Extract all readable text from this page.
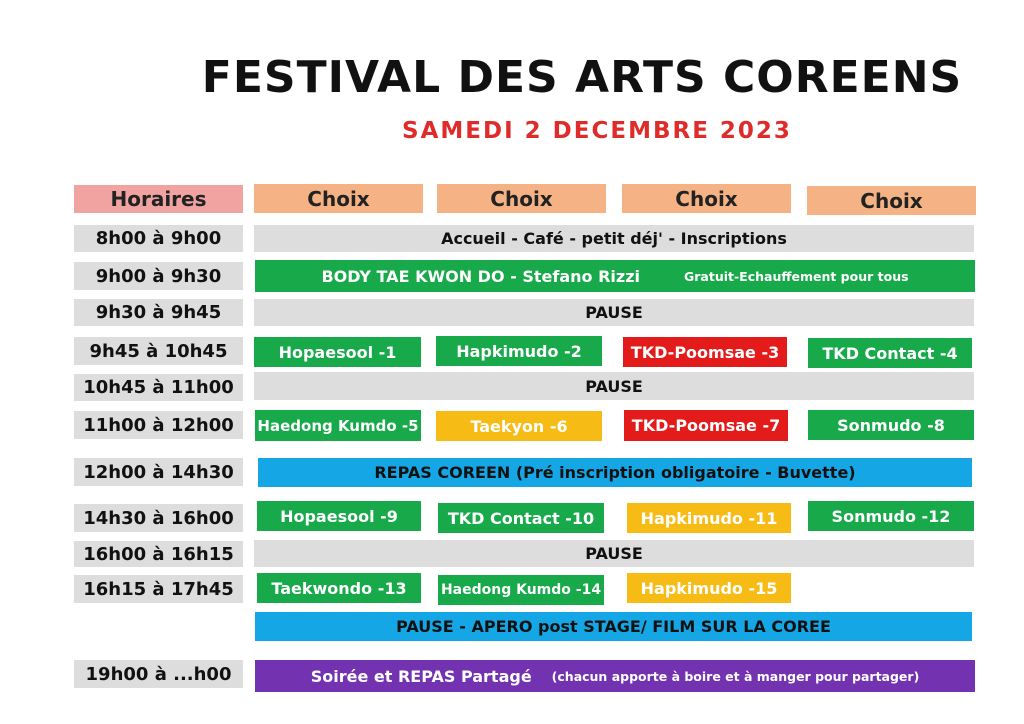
FESTIVAL DES ARTS COREENS
SAMEDI 2 DECEMBRE 2023
Horaires	Choix	Choix	Choix	Choix
8h00 à 9h00	Accueil - Café - petit déj' - Inscriptions
9h00 à 9h30	BODY TAE KWON DO - Stefano Rizzi	Gratuit-Echauffement pour tous
9h30 à 9h45	PAUSE
9h45 à 10h45	Hopaesool -1	Hapkimudo -2	TKD-Poomsae -3	TKD Contact -4
10h45 à 11h00	PAUSE
11h00 à 12h00	Haedong Kumdo -5	Taekyon -6	TKD-Poomsae -7	Sonmudo -8
12h00 à 14h30	REPAS COREEN (Pré inscription obligatoire - Buvette)
14h30 à 16h00	Hopaesool -9	TKD Contact -10	Hapkimudo -11	Sonmudo -12
16h00 à 16h15	PAUSE
16h15 à 17h45	Taekwondo -13	Haedong Kumdo -14	Hapkimudo -15
PAUSE - APERO post STAGE/ FILM SUR LA COREE
19h00 à ...h00	Soirée et REPAS Partagé (chacun apporte à boire et à manger pour partager)
